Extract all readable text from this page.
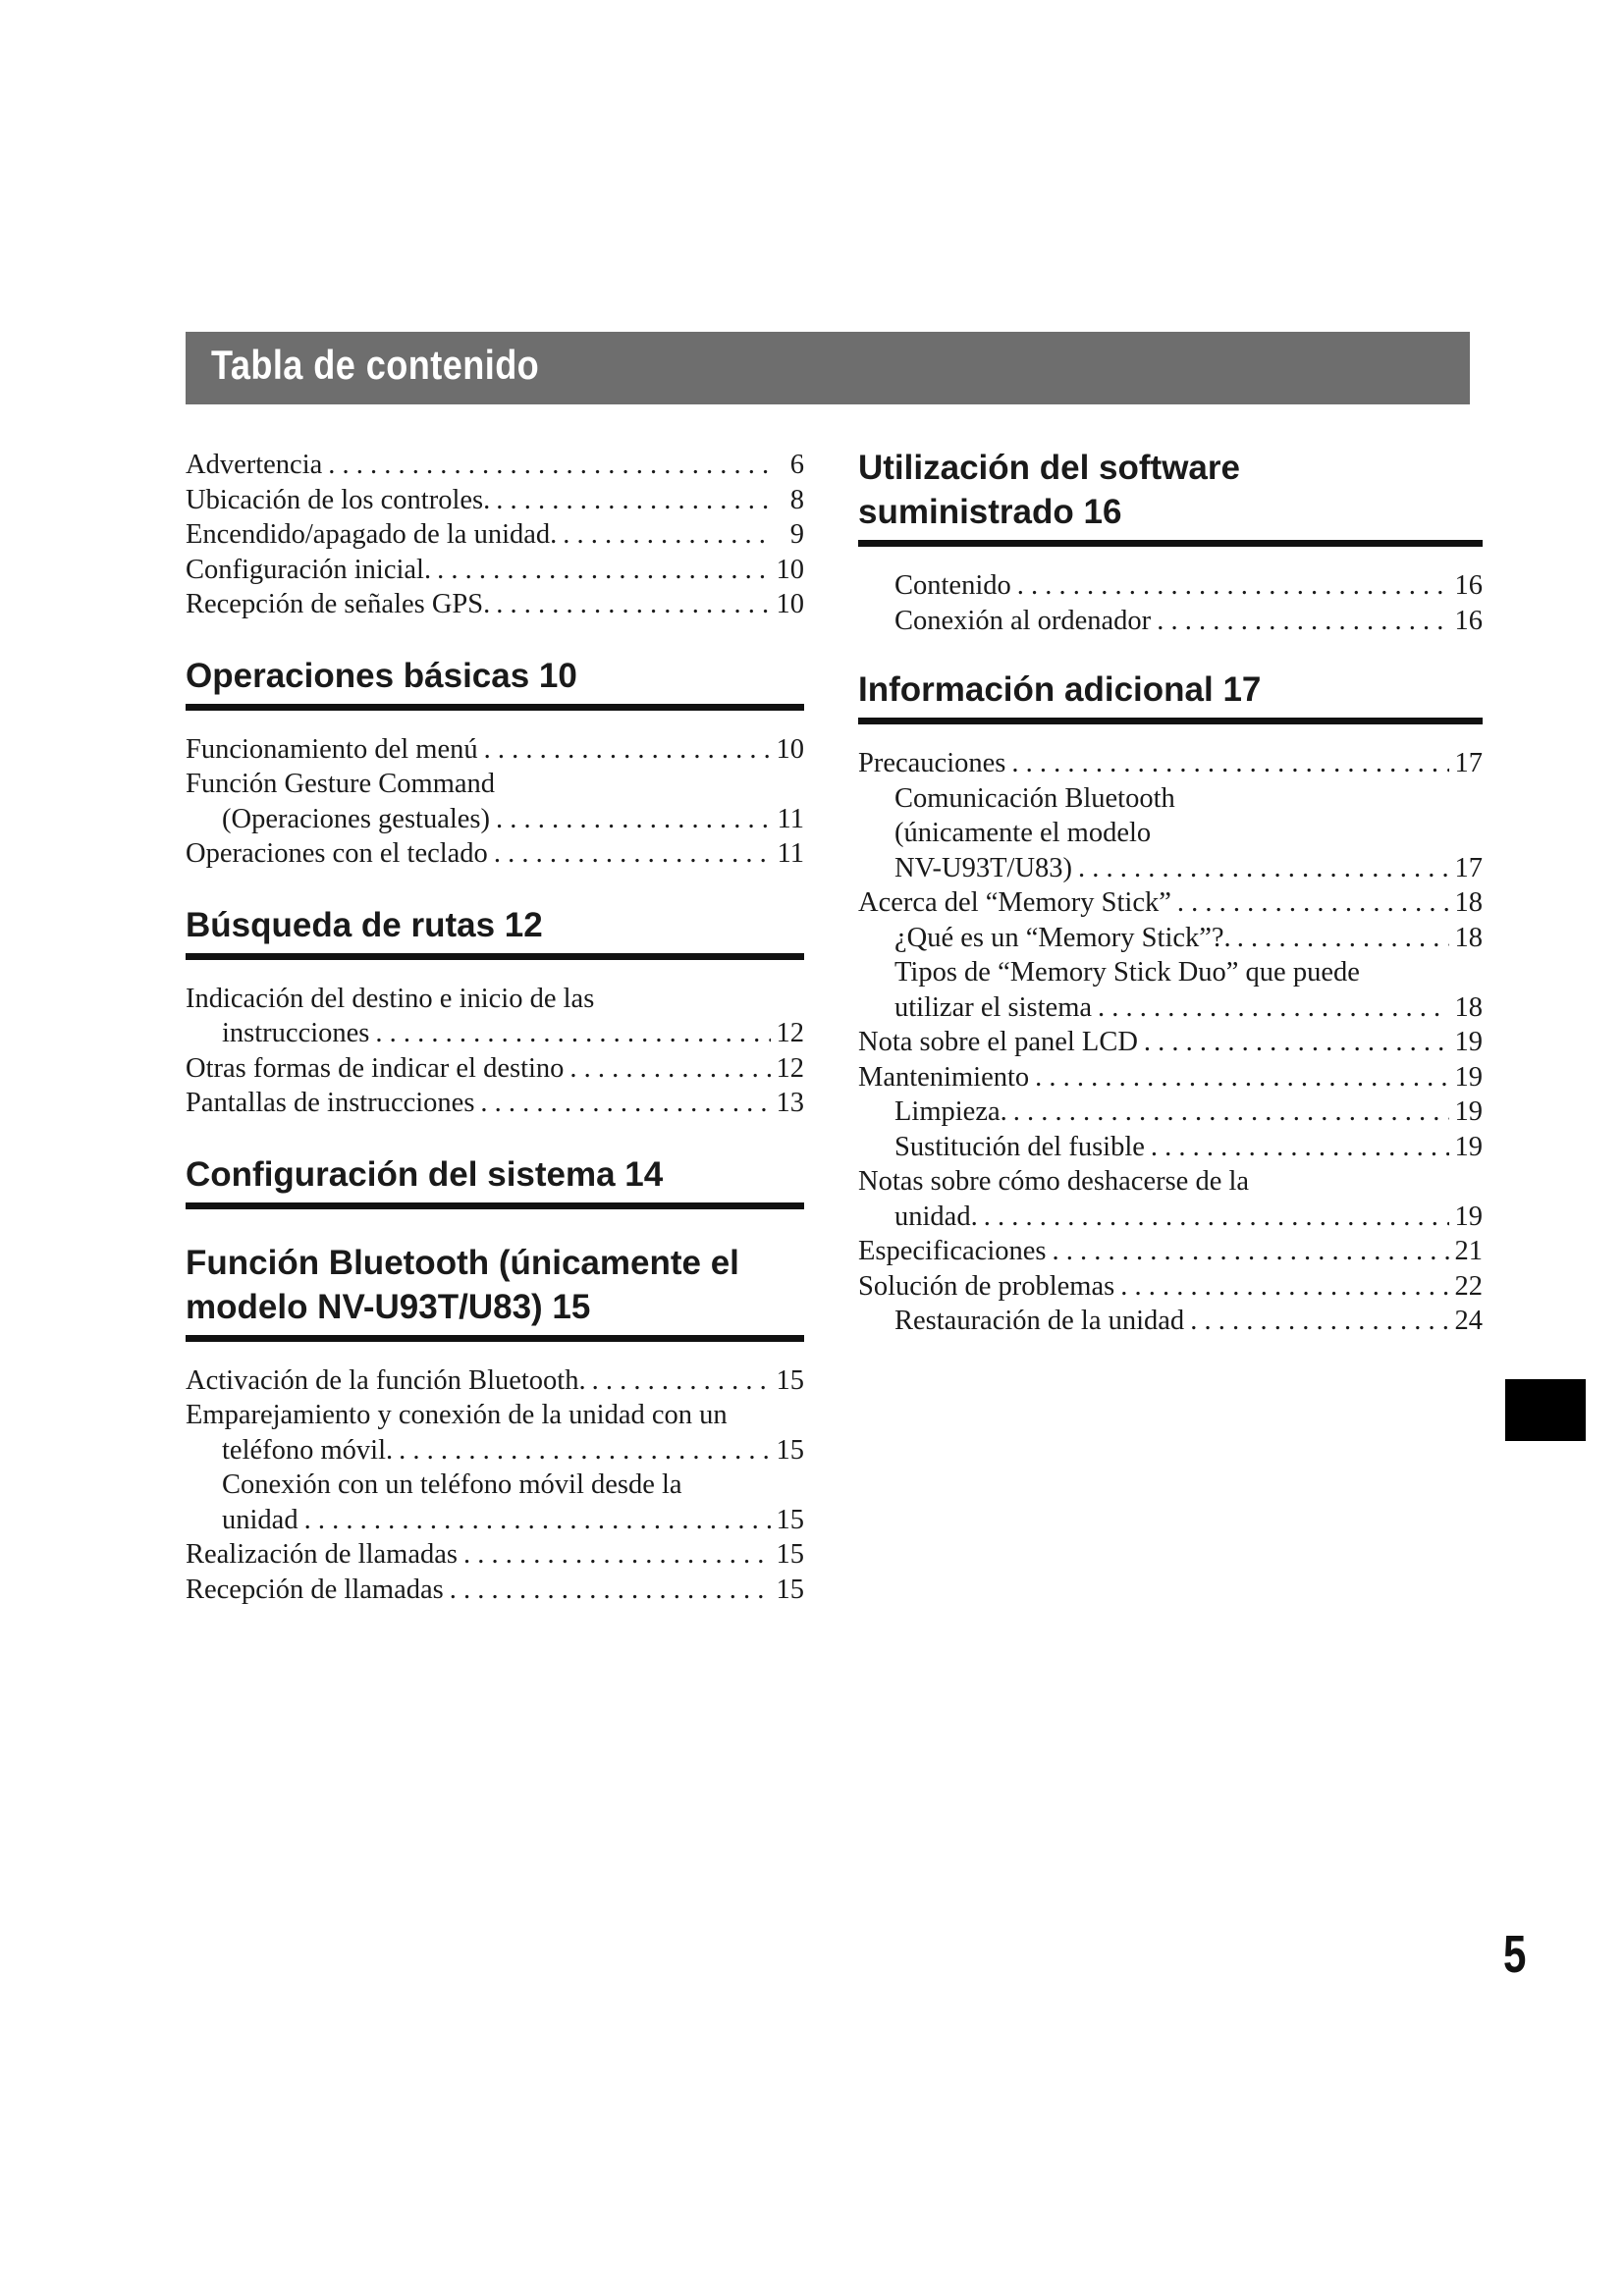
Tabla de contenido
Advertencia . . .	6
Ubicación de los controles. . . .	8
Encendido/apagado de la unidad. . . .	9
Configuración inicial. . . .	10
Recepción de señales GPS. . . .	10
Operaciones básicas 10
Funcionamiento del menú . . .	10
Función Gesture Command
(Operaciones gestuales) . . .	11
Operaciones con el teclado . . .	11
Búsqueda de rutas 12
Indicación del destino e inicio de las
instrucciones . . .	12
Otras formas de indicar el destino . . .	12
Pantallas de instrucciones . . .	13
Configuración del sistema 14
Función Bluetooth (únicamente el
modelo NV-U93T/U83) 15
Activación de la función Bluetooth. . . .	15
Emparejamiento y conexión de la unidad con un
teléfono móvil. . . .	15
Conexión con un teléfono móvil desde la
unidad . . .	15
Realización de llamadas . . .	15
Recepción de llamadas . . .	15
Utilización del software
suministrado 16
Contenido . . .	16
Conexión al ordenador . . .	16
Información adicional 17
Precauciones . . .	17
Comunicación Bluetooth
(únicamente el modelo
NV-U93T/U83) . . .	17
Acerca del “Memory Stick” . . .	18
¿Qué es un “Memory Stick”?. . . .	18
Tipos de “Memory Stick Duo” que puede
utilizar el sistema . . .	18
Nota sobre el panel LCD . . .	19
Mantenimiento . . .	19
Limpieza. . . .	19
Sustitución del fusible . . .	19
Notas sobre cómo deshacerse de la
unidad. . . .	19
Especificaciones . . .	21
Solución de problemas . . .	22
Restauración de la unidad . . .	24
5
